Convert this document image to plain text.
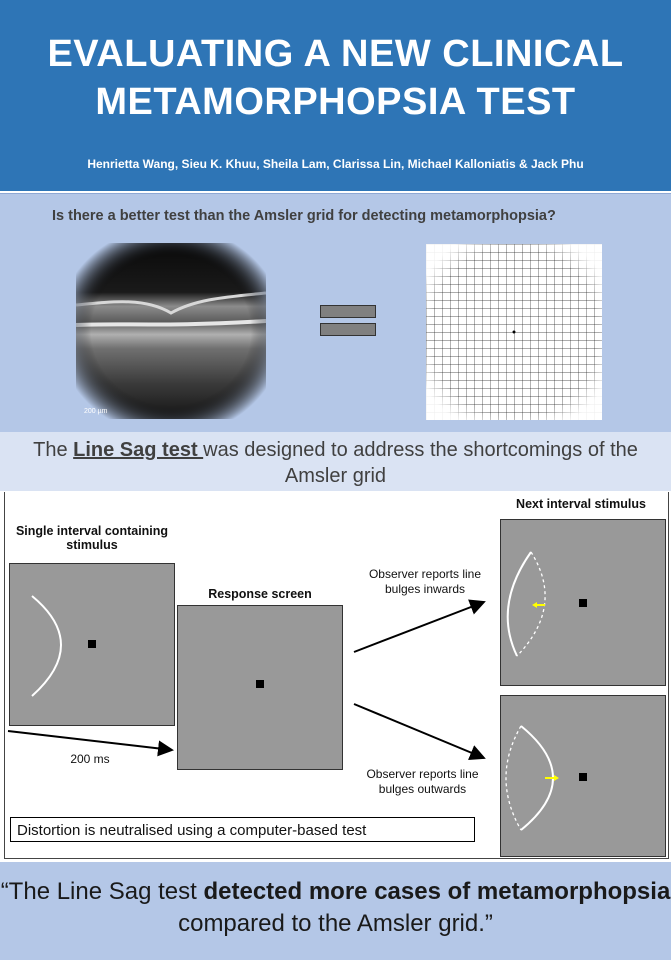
EVALUATING A NEW CLINICAL
METAMORPHOPSIA TEST
Henrietta Wang, Sieu K. Khuu, Sheila Lam, Clarissa Lin, Michael Kalloniatis & Jack Phu
Is there a better test than the Amsler grid for detecting metamorphopsia?
200 µm
The Line Sag test was designed to address the shortcomings of the Amsler grid
Single interval containing stimulus
Response screen
Next interval stimulus
200 ms
Observer reports line bulges inwards
Observer reports line bulges outwards
Distortion is neutralised using a computer-based test
“The Line Sag test detected more cases of metamorphopsia compared to the Amsler grid.”
